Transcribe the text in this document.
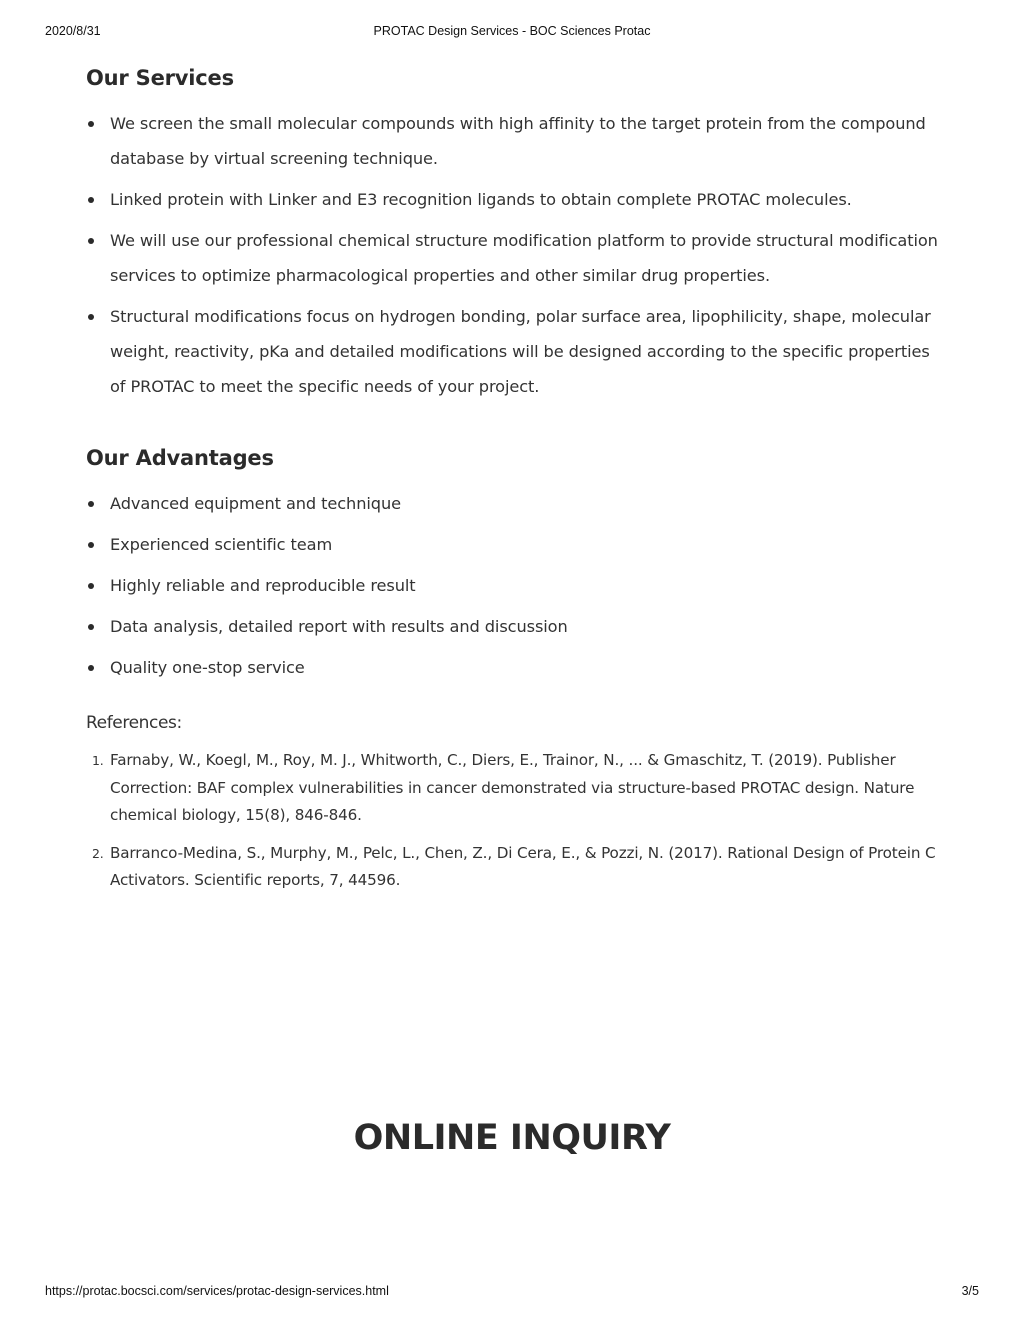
2020/8/31	PROTAC Design Services - BOC Sciences Protac
Our Services
We screen the small molecular compounds with high affinity to the target protein from the compound database by virtual screening technique.
Linked protein with Linker and E3 recognition ligands to obtain complete PROTAC molecules.
We will use our professional chemical structure modification platform to provide structural modification services to optimize pharmacological properties and other similar drug properties.
Structural modifications focus on hydrogen bonding, polar surface area, lipophilicity, shape, molecular weight, reactivity, pKa and detailed modifications will be designed according to the specific properties of PROTAC to meet the specific needs of your project.
Our Advantages
Advanced equipment and technique
Experienced scientific team
Highly reliable and reproducible result
Data analysis, detailed report with results and discussion
Quality one-stop service
References:
1. Farnaby, W., Koegl, M., Roy, M. J., Whitworth, C., Diers, E., Trainor, N., ... & Gmaschitz, T. (2019). Publisher Correction: BAF complex vulnerabilities in cancer demonstrated via structure-based PROTAC design. Nature chemical biology, 15(8), 846-846.
2. Barranco-Medina, S., Murphy, M., Pelc, L., Chen, Z., Di Cera, E., & Pozzi, N. (2017). Rational Design of Protein C Activators. Scientific reports, 7, 44596.
ONLINE INQUIRY
https://protac.bocsci.com/services/protac-design-services.html	3/5
